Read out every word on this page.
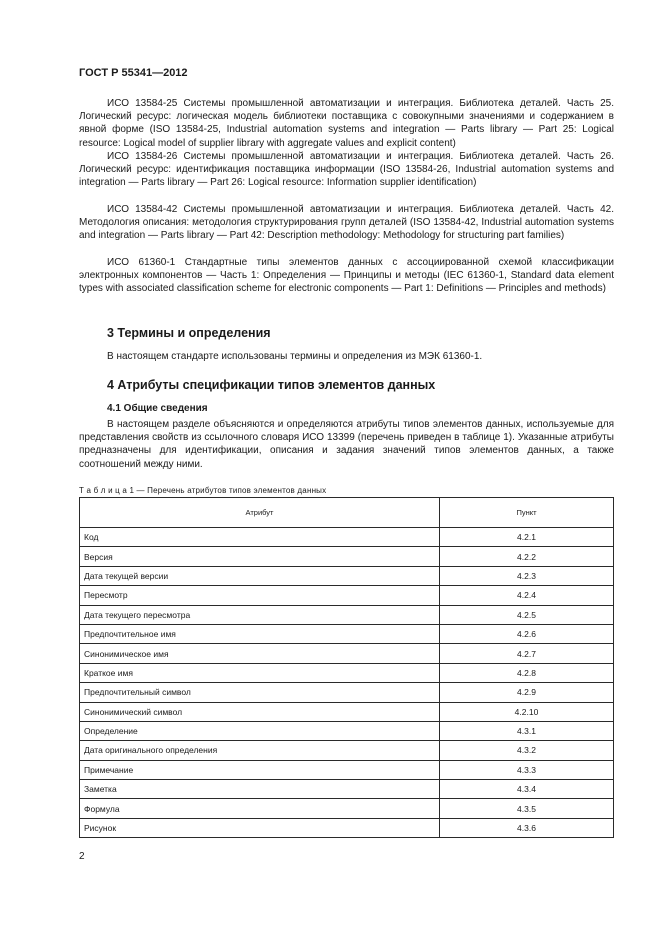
ГОСТ Р 55341—2012

ИСО 13584-25 Системы промышленной автоматизации и интеграция. Библиотека деталей. Часть 25. Логический ресурс: логическая модель библиотеки поставщика с совокупными значениями и содержанием в явной форме (ISO 13584-25, Industrial automation systems and integration — Parts library — Part 25: Logical resource: Logical model of supplier library with aggregate values and explicit content)

ИСО 13584-26 Системы промышленной автоматизации и интеграция. Библиотека деталей. Часть 26. Логический ресурс: идентификация поставщика информации (ISO 13584-26, Industrial automation systems and integration — Parts library — Part 26: Logical resource: Information supplier identification)

ИСО 13584-42 Системы промышленной автоматизации и интеграция. Библиотека деталей. Часть 42. Методология описания: методология структурирования групп деталей (ISO 13584-42, Industrial automation systems and integration — Parts library — Part 42: Description methodology: Methodology for structuring part families)

ИСО 61360-1 Стандартные типы элементов данных с ассоциированной схемой классификации электронных компонентов — Часть 1: Определения — Принципы и методы (IEC 61360-1, Standard data element types with associated classification scheme for electronic components — Part 1: Definitions — Principles and methods)

3 Термины и определения

В настоящем стандарте использованы термины и определения из МЭК 61360-1.

4 Атрибуты спецификации типов элементов данных
4.1 Общие сведения

В настоящем разделе объясняются и определяются атрибуты типов элементов данных, используемые для представления свойств из ссылочного словаря ИСО 13399 (перечень приведен в таблице 1). Указанные атрибуты предназначены для идентификации, описания и задания значений типов элементов данных, а также соотношений между ними.

Т а б л и ц а 1 — Перечень атрибутов типов элементов данных
Атрибут	Пункт
Код	4.2.1
Версия	4.2.2
Дата текущей версии	4.2.3
Пересмотр	4.2.4
Дата текущего пересмотра	4.2.5
Предпочтительное имя	4.2.6
Синонимическое имя	4.2.7
Краткое имя	4.2.8
Предпочтительный символ	4.2.9
Синонимический символ	4.2.10
Определение	4.3.1
Дата оригинального определения	4.3.2
Примечание	4.3.3
Заметка	4.3.4
Формула	4.3.5
Рисунок	4.3.6
2
